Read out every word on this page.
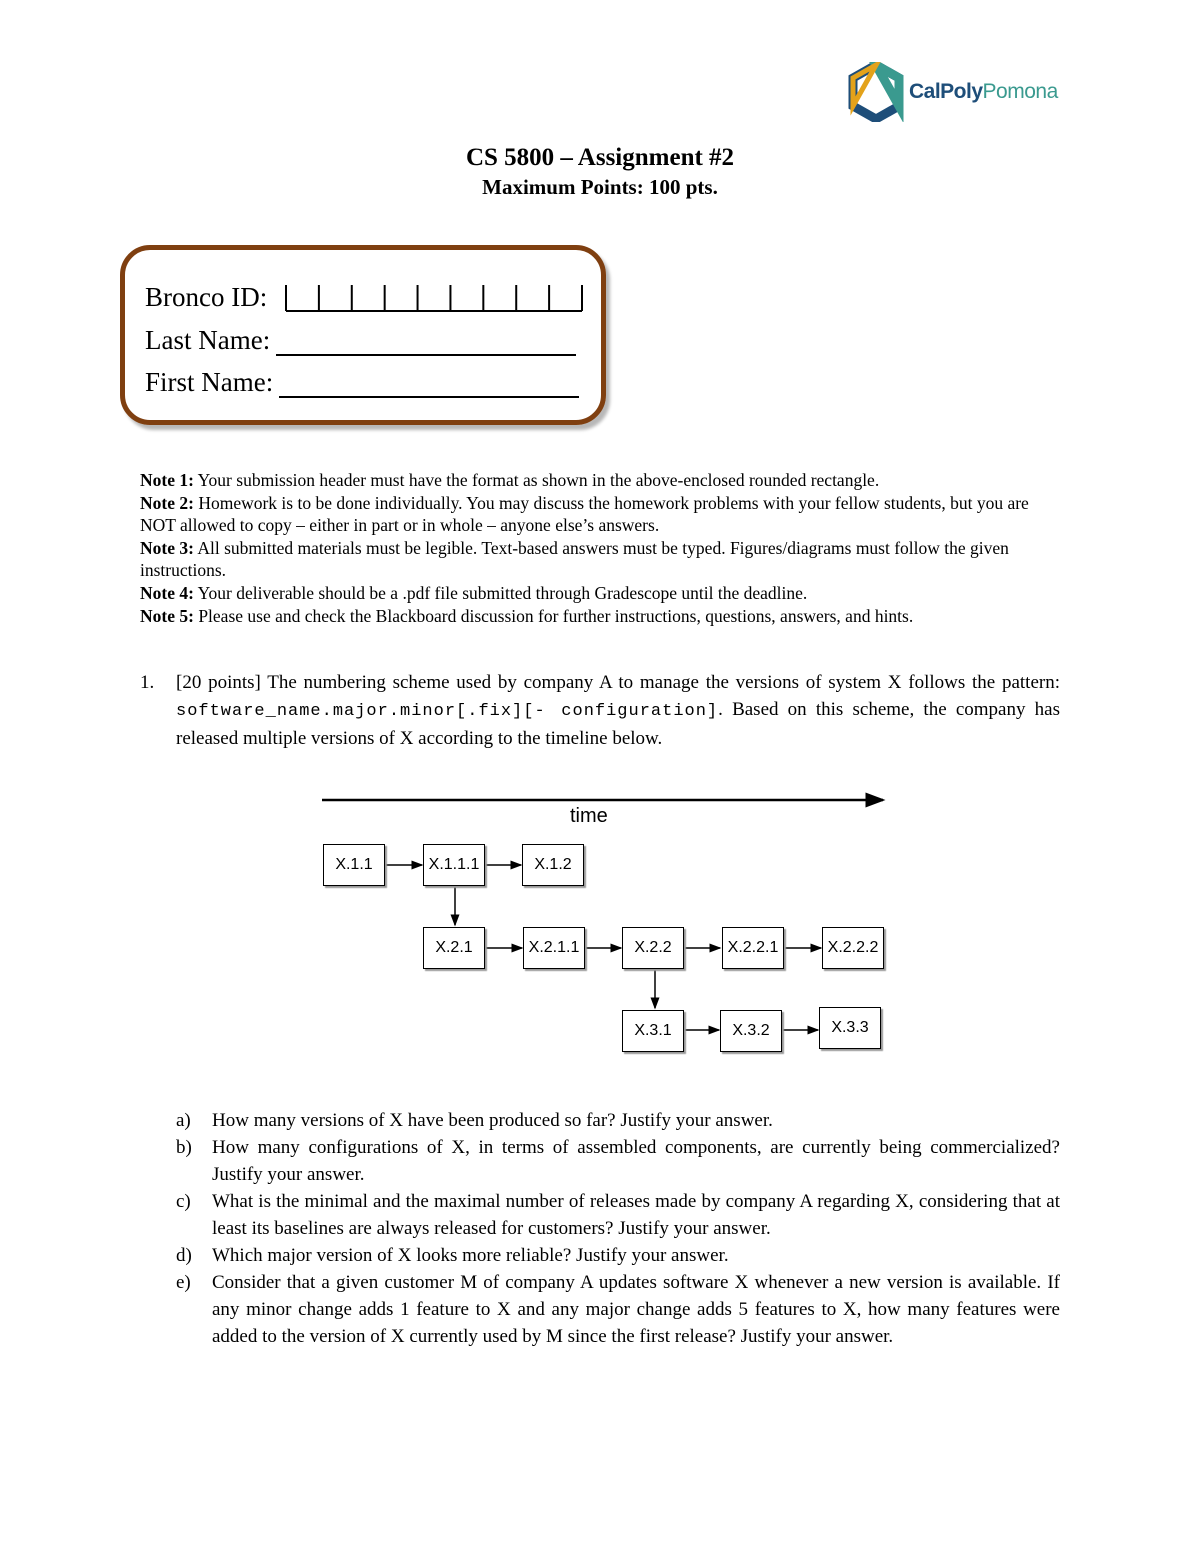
CalPolyPomona
CS 5800 – Assignment #2
Maximum Points: 100 pts.
Bronco ID:
Last Name:
First Name:
Note 1: Your submission header must have the format as shown in the above-enclosed rounded rectangle.
Note 2: Homework is to be done individually. You may discuss the homework problems with your fellow students, but you are NOT allowed to copy – either in part or in whole – anyone else’s answers.
Note 3: All submitted materials must be legible. Text-based answers must be typed. Figures/diagrams must follow the given instructions.
Note 4: Your deliverable should be a .pdf file submitted through Gradescope until the deadline.
Note 5: Please use and check the Blackboard discussion for further instructions, questions, answers, and hints.
1. [20 points] The numbering scheme used by company A to manage the versions of system X follows the pattern: software_name.major.minor[.fix][- configuration]. Based on this scheme, the company has released multiple versions of X according to the timeline below.
time
X.1.1	X.1.1.1	X.1.2
X.2.1	X.2.1.1	X.2.2	X.2.2.1	X.2.2.2
X.3.1	X.3.2	X.3.3
a) How many versions of X have been produced so far? Justify your answer.
b) How many configurations of X, in terms of assembled components, are currently being commercialized? Justify your answer.
c) What is the minimal and the maximal number of releases made by company A regarding X, considering that at least its baselines are always released for customers? Justify your answer.
d) Which major version of X looks more reliable? Justify your answer.
e) Consider that a given customer M of company A updates software X whenever a new version is available. If any minor change adds 1 feature to X and any major change adds 5 features to X, how many features were added to the version of X currently used by M since the first release? Justify your answer.
